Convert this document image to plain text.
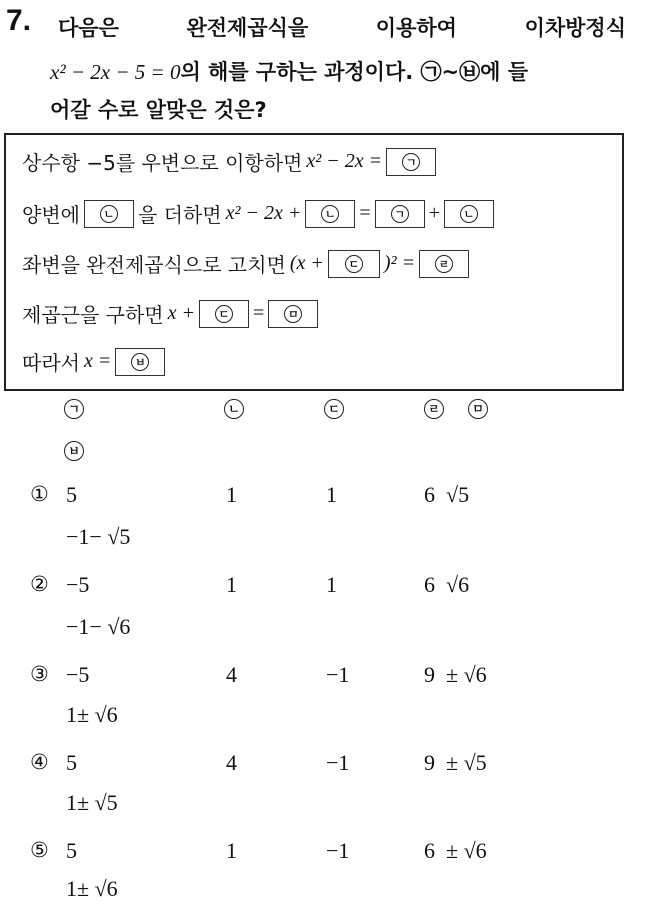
7. 다음은	완전제곱식을	이용하여	이차방정식
x² − 2x − 5 = 0의 해를 구하는 과정이다. ㉠~㉥에 들
어갈 수로 알맞은 것은?
상수항 −5를 우변으로 이항하면 x² − 2x =	ㄱ
양변에	ㄴ 을 더하면 x² − 2x +	ㄴ =	ㄱ +	ㄴ
좌변을 완전제곱식으로 고치면 (x +	ㄷ )² =	ㄹ
제곱근을 구하면 x +	ㄷ =	ㅁ
따라서 x =	ㅂ
ㄱ	ㄴ	ㄷ	ㄹ	ㅁ
ㅂ
① 5	1	1	6 √5
−1− √5
② −5	1	1	6 √6
−1− √6
③ −5	4	−1	9 ± √6
1± √6
④ 5	4	−1	9 ± √5
1± √5
⑤ 5	1	−1	6 ± √6
1± √6
